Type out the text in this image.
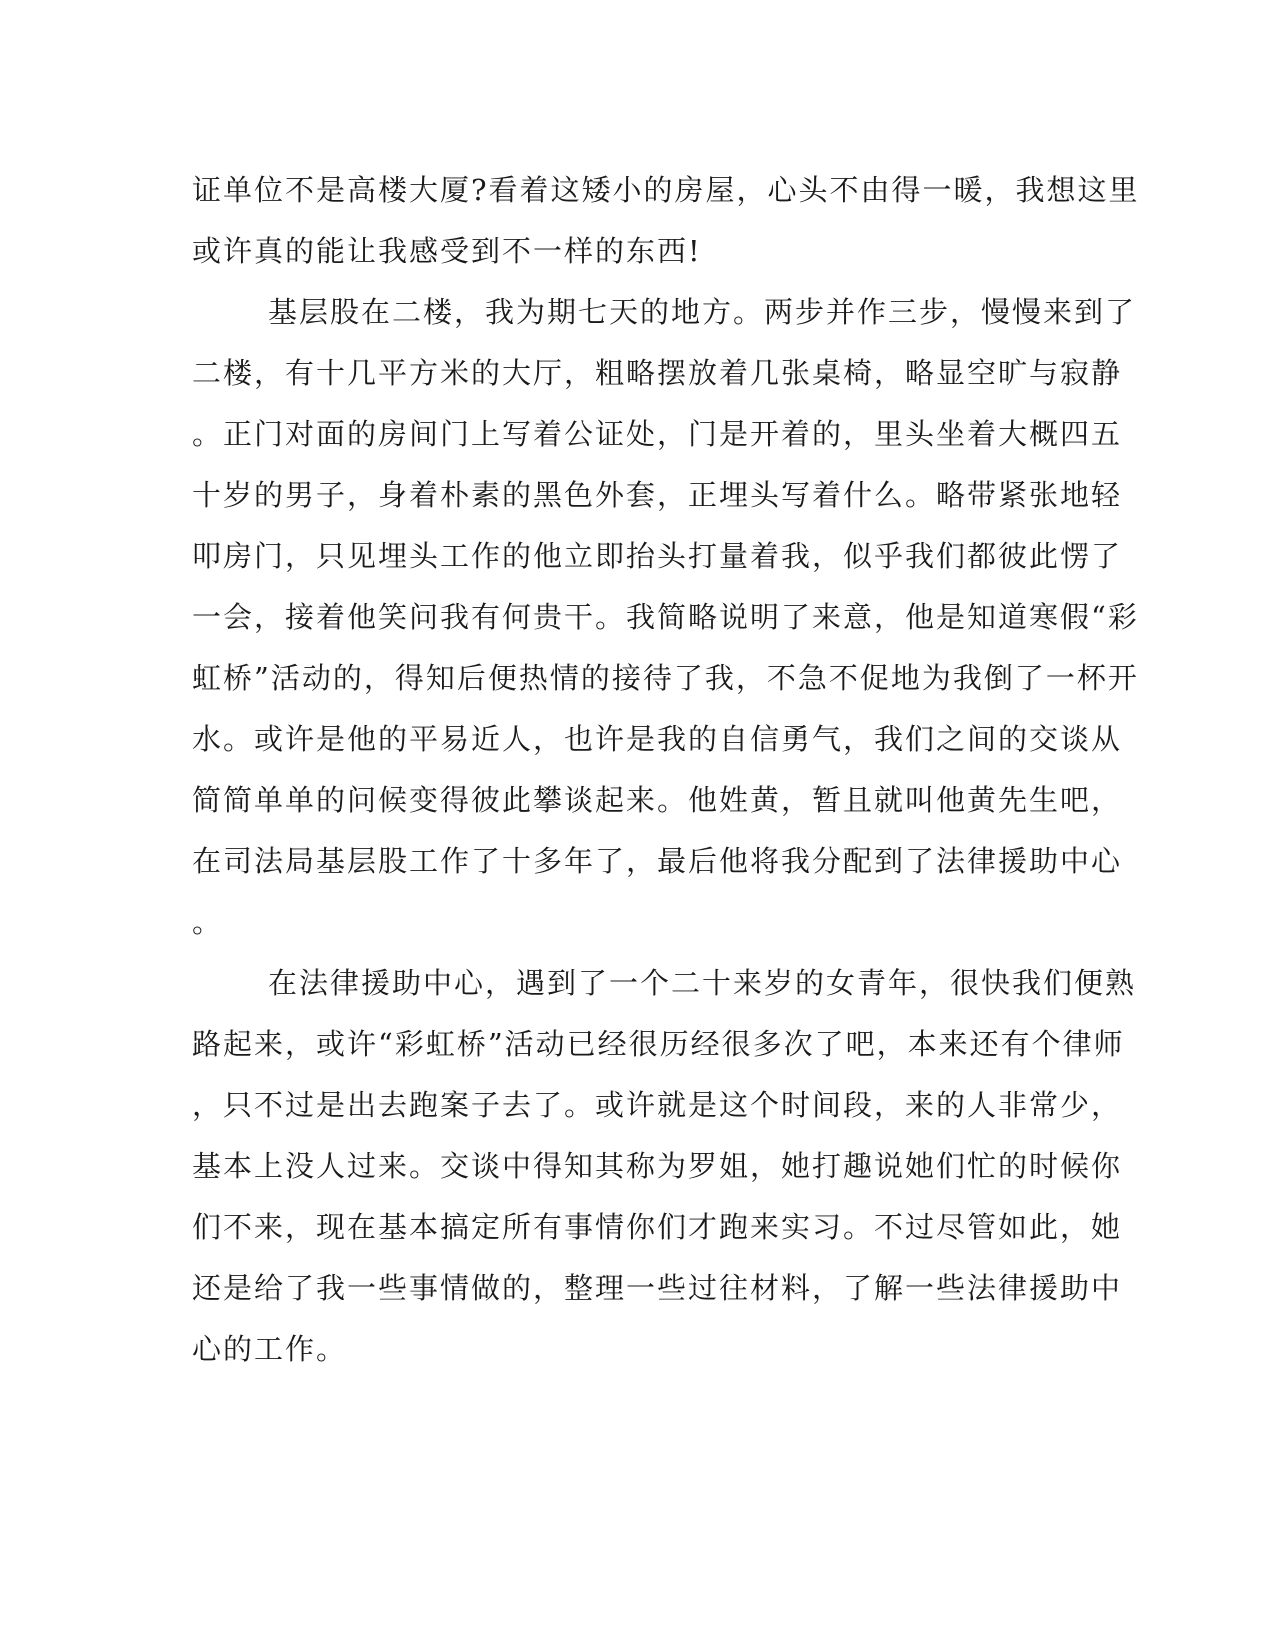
证单位不是高楼大厦?看着这矮小的房屋，心头不由得一暖，我想这里
或许真的能让我感受到不一样的东西!
基层股在二楼，我为期七天的地方。两步并作三步，慢慢来到了
二楼，有十几平方米的大厅，粗略摆放着几张桌椅，略显空旷与寂静
。正门对面的房间门上写着公证处，门是开着的，里头坐着大概四五
十岁的男子，身着朴素的黑色外套，正埋头写着什么。略带紧张地轻
叩房门，只见埋头工作的他立即抬头打量着我，似乎我们都彼此愣了
一会，接着他笑问我有何贵干。我简略说明了来意，他是知道寒假“彩
虹桥”活动的，得知后便热情的接待了我，不急不促地为我倒了一杯开
水。或许是他的平易近人，也许是我的自信勇气，我们之间的交谈从
简简单单的问候变得彼此攀谈起来。他姓黄，暂且就叫他黄先生吧，
在司法局基层股工作了十多年了，最后他将我分配到了法律援助中心
。
在法律援助中心，遇到了一个二十来岁的女青年，很快我们便熟
路起来，或许“彩虹桥”活动已经很历经很多次了吧，本来还有个律师
，只不过是出去跑案子去了。或许就是这个时间段，来的人非常少，
基本上没人过来。交谈中得知其称为罗姐，她打趣说她们忙的时候你
们不来，现在基本搞定所有事情你们才跑来实习。不过尽管如此，她
还是给了我一些事情做的，整理一些过往材料，了解一些法律援助中
心的工作。
